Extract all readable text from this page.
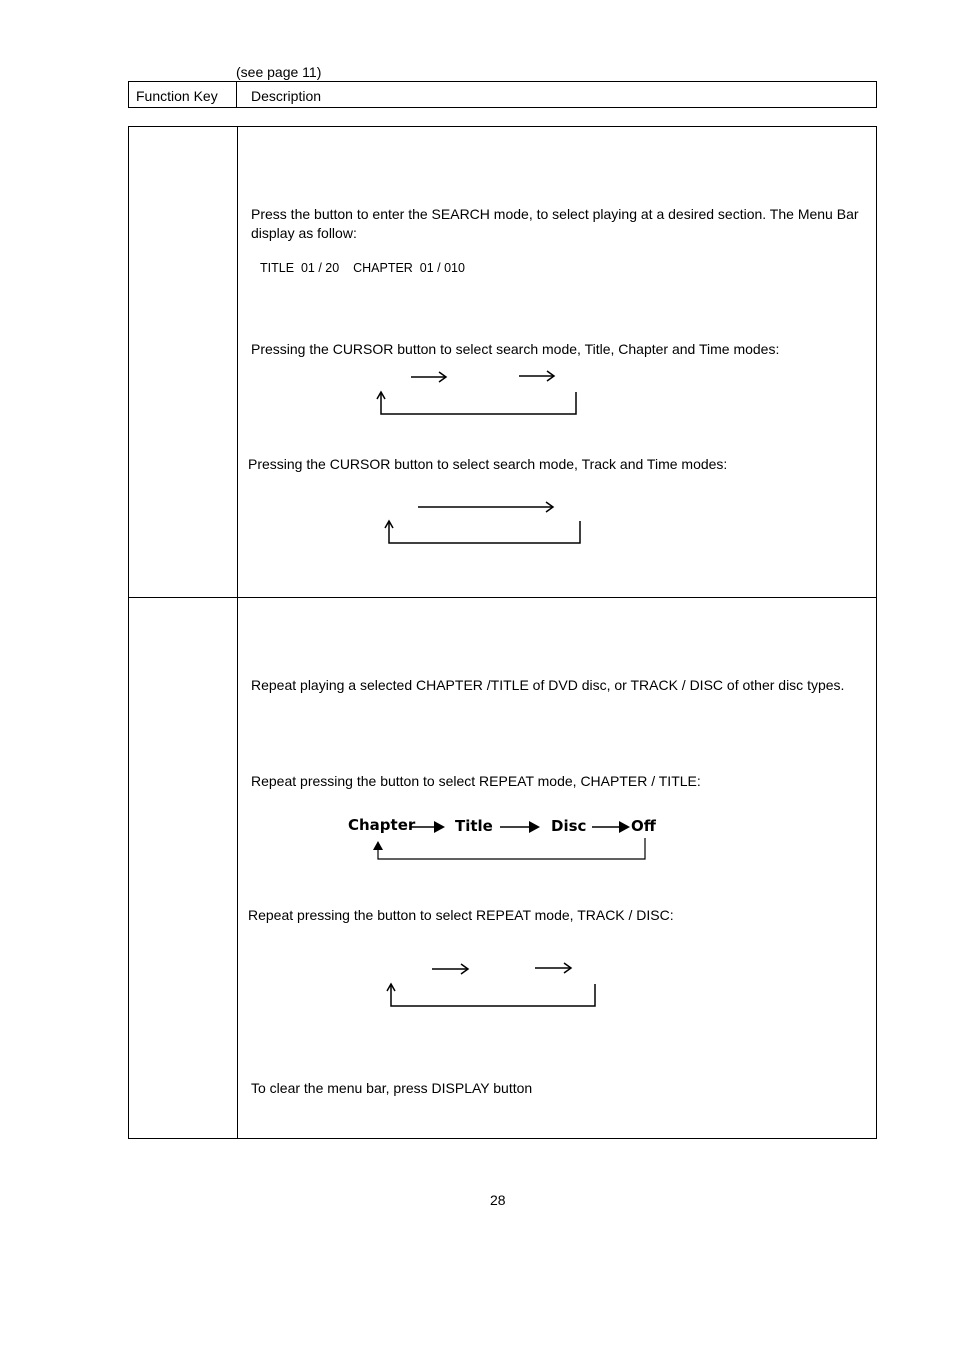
(see page 11)
Function Key Description
Press the button to enter the SEARCH mode, to select playing at a desired section. The Menu Bar display as follow:
TITLE  01 / 20    CHAPTER  01 / 010
Pressing the CURSOR button to select search mode, Title, Chapter and Time modes:
Pressing the CURSOR button to select search mode, Track and Time modes:
Repeat playing a selected CHAPTER /TITLE of DVD disc, or TRACK / DISC of other disc types.
Repeat pressing the button to select REPEAT mode, CHAPTER / TITLE:
Chapter	Title	Disc	Off
Repeat pressing the button to select REPEAT mode, TRACK / DISC:
To clear the menu bar, press DISPLAY button
28
